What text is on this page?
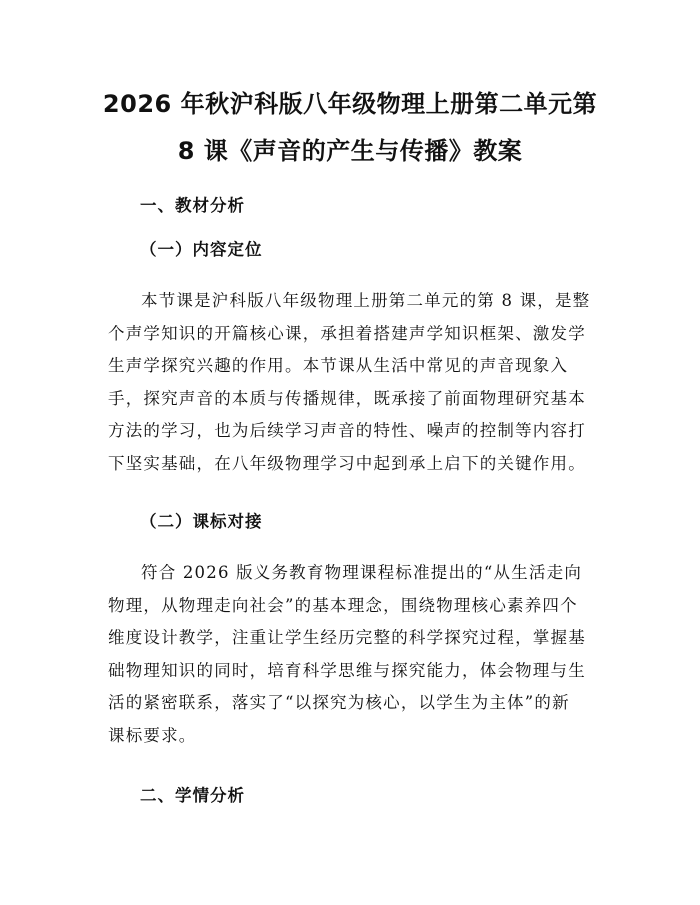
2026 年秋沪科版八年级物理上册第二单元第
8 课《声音的产生与传播》教案
一、教材分析
（一）内容定位
本节课是沪科版八年级物理上册第二单元的第 8 课，是整
个声学知识的开篇核心课，承担着搭建声学知识框架、激发学
生声学探究兴趣的作用。本节课从生活中常见的声音现象入
手，探究声音的本质与传播规律，既承接了前面物理研究基本
方法的学习，也为后续学习声音的特性、噪声的控制等内容打
下坚实基础，在八年级物理学习中起到承上启下的关键作用。
（二）课标对接
符合 2026 版义务教育物理课程标准提出的“从生活走向
物理，从物理走向社会”的基本理念，围绕物理核心素养四个
维度设计教学，注重让学生经历完整的科学探究过程，掌握基
础物理知识的同时，培育科学思维与探究能力，体会物理与生
活的紧密联系，落实了“以探究为核心，以学生为主体”的新
课标要求。
二、学情分析
